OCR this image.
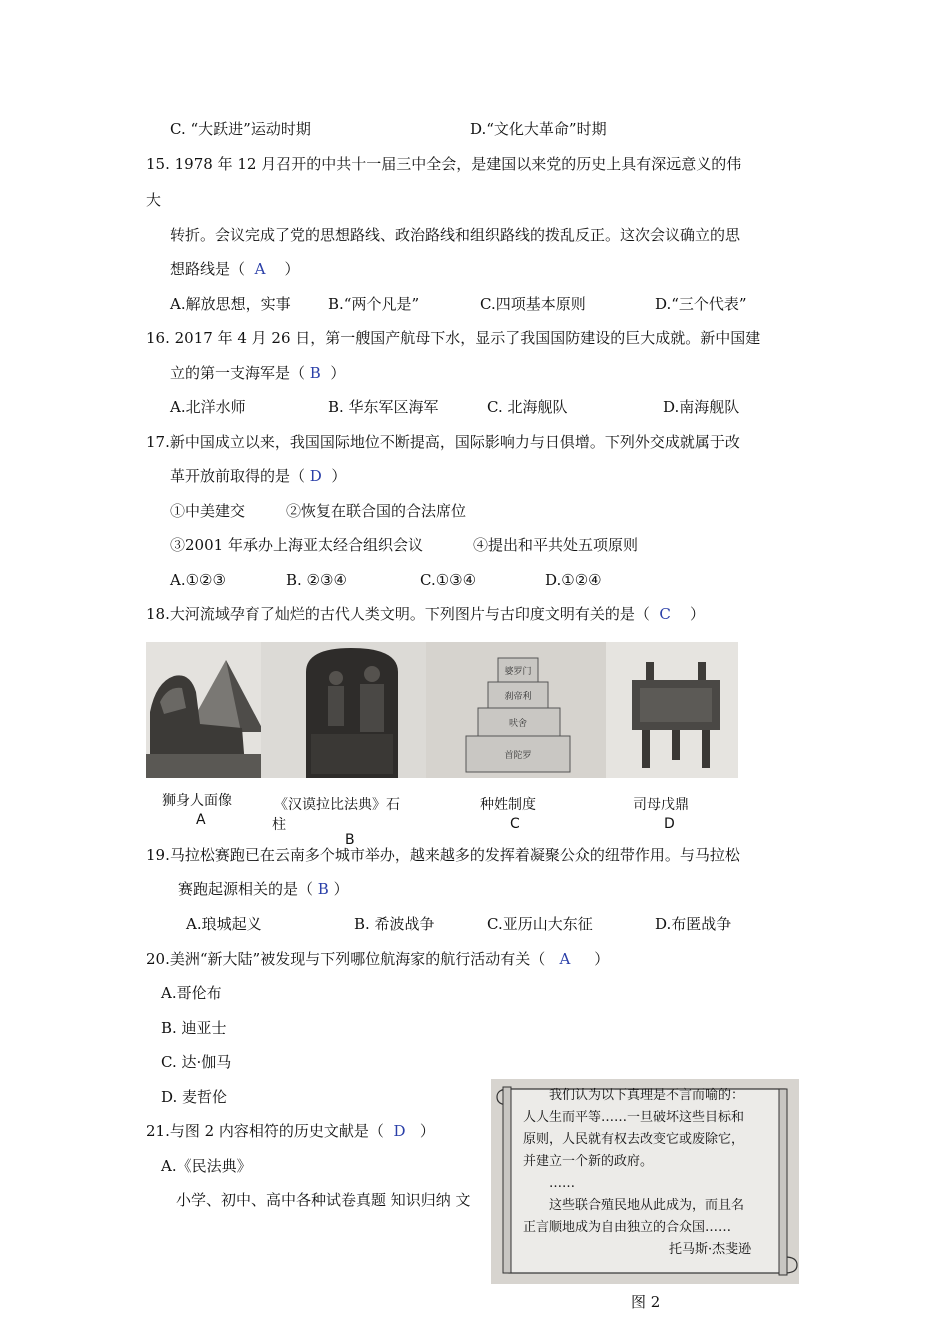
C. “大跃进”运动时期	D.“文化大革命”时期
15. 1978 年 12 月召开的中共十一届三中全会，是建国以来党的历史上具有深远意义的伟
大
转折。会议完成了党的思想路线、政治路线和组织路线的拨乱反正。这次会议确立的思
想路线是（ A ）
A.解放思想，实事 B.“两个凡是”	C.四项基本原则	D.“三个代表”
16. 2017 年 4 月 26 日，第一艘国产航母下水，显示了我国国防建设的巨大成就。新中国建
立的第一支海军是（ B ）
A.北洋水师	B. 华东军区海军	C. 北海舰队	D.南海舰队
17.新中国成立以来，我国国际地位不断提高，国际影响力与日俱增。下列外交成就属于改
革开放前取得的是（ D ）
①中美建交	②恢复在联合国的合法席位
③2001 年承办上海亚太经合组织会议	④提出和平共处五项原则
A.①②③	B. ②③④	C.①③④	D.①②④
18.大河流域孕育了灿烂的古代人类文明。下列图片与古印度文明有关的是（ C ）
婆罗门
刹帝利
吠舍
首陀罗
狮身人面像	《汉谟拉比法典》石
柱
种姓制度	司母戊鼎
A
B
C	D
19.马拉松赛跑已在云南多个城市举办，越来越多的发挥着凝聚公众的纽带作用。与马拉松
赛跑起源相关的是（ B ）
A.琅城起义	B. 希波战争	C.亚历山大东征	D.布匿战争
20.美洲“新大陆”被发现与下列哪位航海家的航行活动有关（ A ）
A.哥伦布
B. 迪亚士
C. 达·伽马
D. 麦哲伦
21.与图 2 内容相符的历史文献是（ D ）
A.《民法典》
小学、初中、高中各种试卷真题 知识归纳 文
我们认为以下真理是不言而喻的：
人人生而平等……一旦破坏这些目标和
原则，人民就有权去改变它或废除它，
并建立一个新的政府。
……
这些联合殖民地从此成为，而且名
正言顺地成为自由独立的合众国……
托马斯·杰斐逊
图 2
